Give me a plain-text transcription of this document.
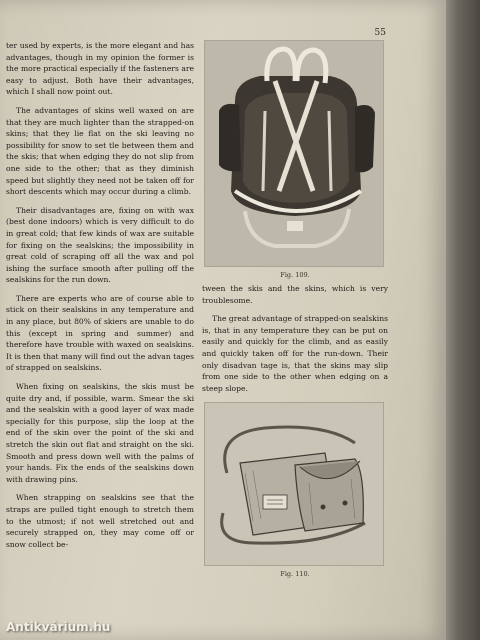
55

ter used by experts, is the more elegant and has advantages, though in my opinion the former is the more practical especially if the fasteners are easy to adjust. Both have their advantages, which I shall now point out.

The advantages of skins well waxed on are that they are much lighter than the strapped-on skins; that they lie flat on the ski leaving no possibility for snow to set tle between them and the skis; that when edging they do not slip from one side to the other; that as they diminish speed but slightly they need not be taken off for short descents which may occur during a climb.

Their disadvantages are, fixing on with wax (best done indoors) which is very difficult to do in great cold; that few kinds of wax are suitable for fixing on the sealskins; the impossibility in great cold of scraping off all the wax and pol ishing the surface smooth after pulling off the sealskins for the run down.

There are experts who are of course able to stick on their sealskins in any temperature and in any place, but 80% of skiers are unable to do this (except in spring and summer) and therefore have trouble with waxed on sealskins. It is then that many will find out the advan tages of strapped on sealskins.

When fixing on sealskins, the skis must be quite dry and, if possible, warm. Smear the ski and the sealskin with a good layer of wax made specially for this purpose, slip the loop at the end of the skin over the point of the ski and stretch the skin out flat and straight on the ski. Smooth and press down well with the palms of your hands. Fix the ends of the sealskins down with drawing pins.

When strapping on sealskins see that the straps are pulled tight enough to stretch them to the utmost; if not well stretched out and securely strapped on, they may come off or snow collect be-

Fig. 109.

tween the skis and the skins, which is very troublesome.

The great advantage of strapped-on sealskins is, that in any temperature they can be put on easily and quickly for the climb, and as easily and quickly taken off for the run-down. Their only disadvan tage is, that the skins may slip from one side to the other when edging on a steep slope.

Fig. 110.
Antikvárium.hu
